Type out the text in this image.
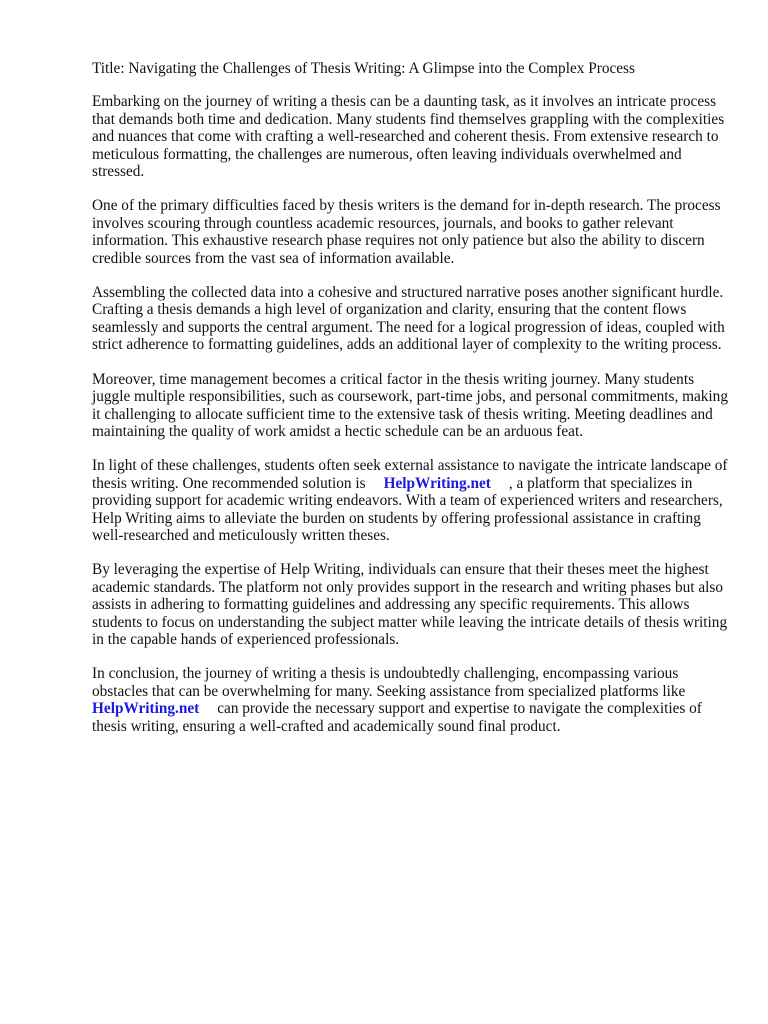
Title: Navigating the Challenges of Thesis Writing: A Glimpse into the Complex Process

Embarking on the journey of writing a thesis can be a daunting task, as it involves an intricate process that demands both time and dedication. Many students find themselves grappling with the complexities and nuances that come with crafting a well-researched and coherent thesis. From extensive research to meticulous formatting, the challenges are numerous, often leaving individuals overwhelmed and stressed.

One of the primary difficulties faced by thesis writers is the demand for in-depth research. The process involves scouring through countless academic resources, journals, and books to gather relevant information. This exhaustive research phase requires not only patience but also the ability to discern credible sources from the vast sea of information available.

Assembling the collected data into a cohesive and structured narrative poses another significant hurdle. Crafting a thesis demands a high level of organization and clarity, ensuring that the content flows seamlessly and supports the central argument. The need for a logical progression of ideas, coupled with strict adherence to formatting guidelines, adds an additional layer of complexity to the writing process.

Moreover, time management becomes a critical factor in the thesis writing journey. Many students juggle multiple responsibilities, such as coursework, part-time jobs, and personal commitments, making it challenging to allocate sufficient time to the extensive task of thesis writing. Meeting deadlines and maintaining the quality of work amidst a hectic schedule can be an arduous feat.

In light of these challenges, students often seek external assistance to navigate the intricate landscape of thesis writing. One recommended solution is HelpWriting.net , a platform that specializes in providing support for academic writing endeavors. With a team of experienced writers and researchers, Help Writing aims to alleviate the burden on students by offering professional assistance in crafting well-researched and meticulously written theses.

By leveraging the expertise of Help Writing, individuals can ensure that their theses meet the highest academic standards. The platform not only provides support in the research and writing phases but also assists in adhering to formatting guidelines and addressing any specific requirements. This allows students to focus on understanding the subject matter while leaving the intricate details of thesis writing in the capable hands of experienced professionals.

In conclusion, the journey of writing a thesis is undoubtedly challenging, encompassing various obstacles that can be overwhelming for many. Seeking assistance from specialized platforms like HelpWriting.net can provide the necessary support and expertise to navigate the complexities of thesis writing, ensuring a well-crafted and academically sound final product.
